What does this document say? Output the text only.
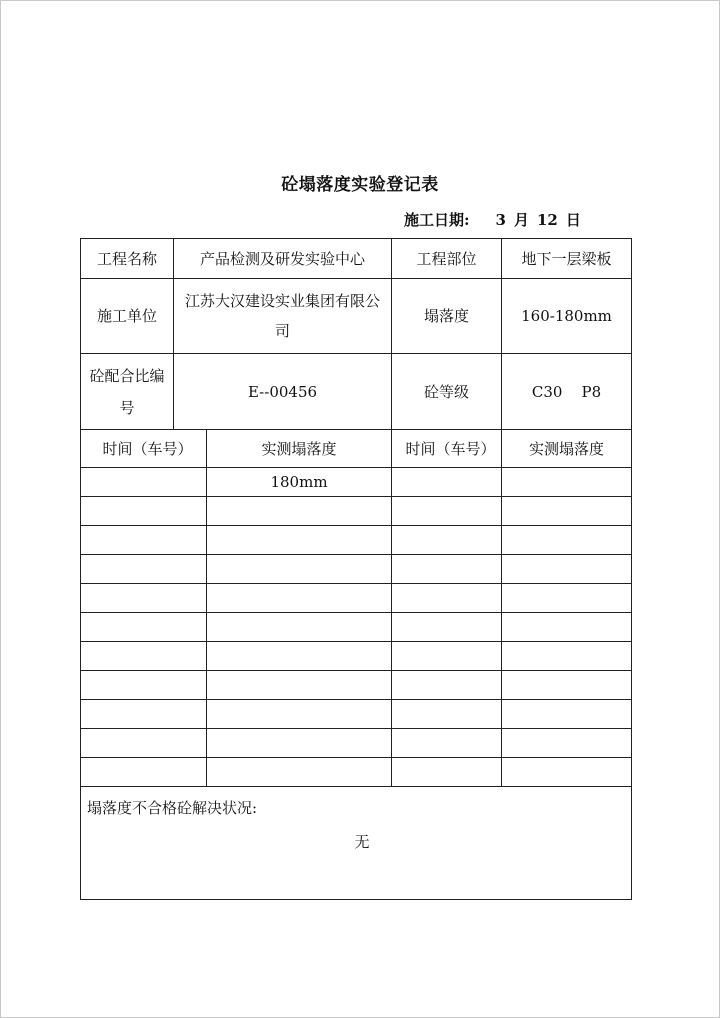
砼塌落度实验登记表
施工日期: 3 月 12 日
工程名称	产品检测及研发实验中心		工程部位	地下一层梁板
施工单位	江苏大汉建设实业集团有限公司		塌落度	160-180mm
砼配合比编号	E--00456		砼等级	C30    P8
时间（车号）		实测塌落度	时间（车号）	实测塌落度
		180mm		

塌落度不合格砼解决状况:
无				
